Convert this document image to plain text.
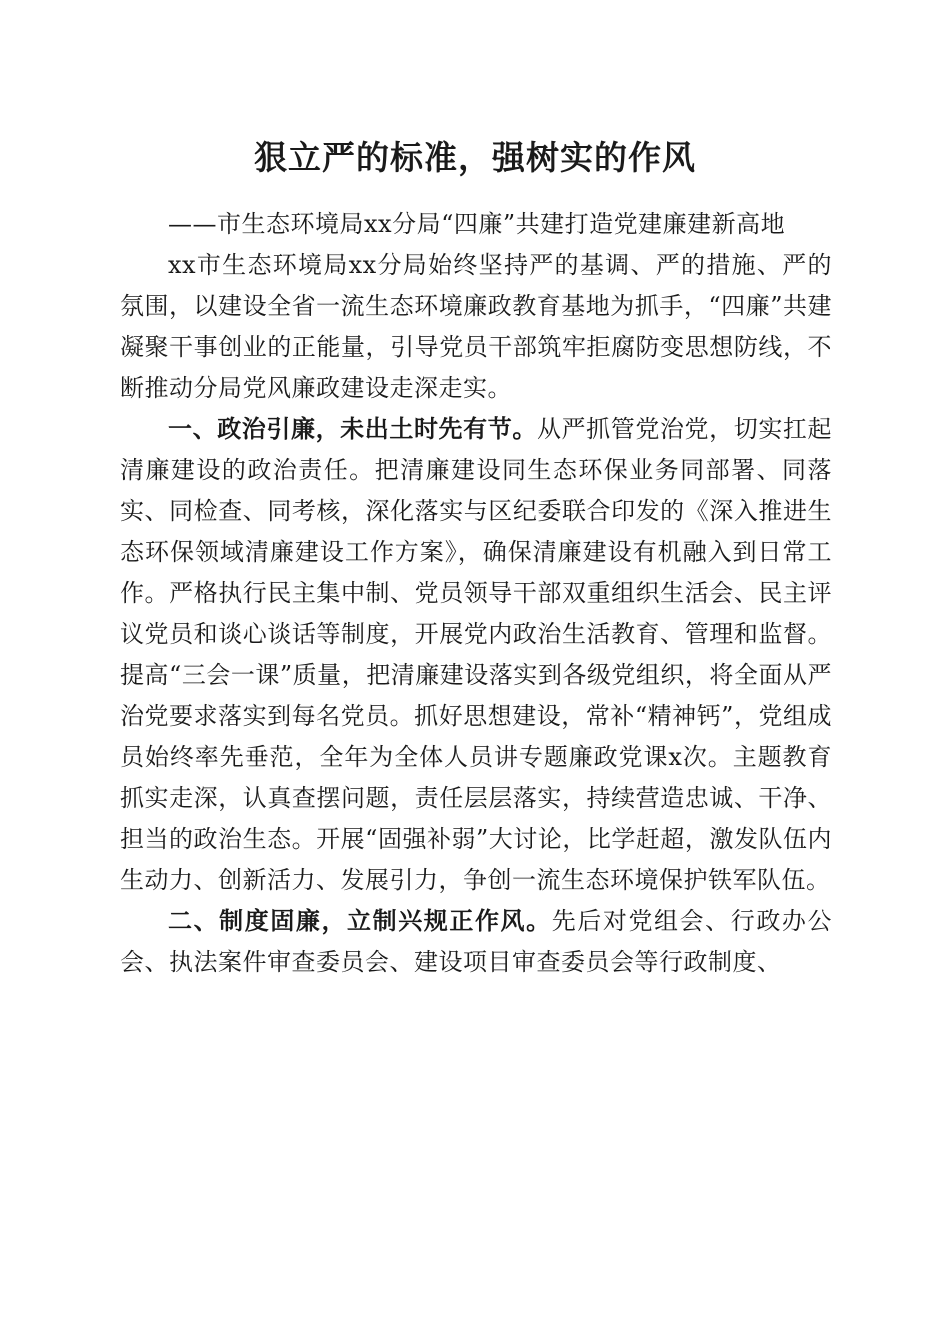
狠立严的标准，强树实的作风

——市生态环境局xx分局“四廉”共建打造党建廉建新高地

xx市生态环境局xx分局始终坚持严的基调、严的措施、严的氛围，以建设全省一流生态环境廉政教育基地为抓手，“四廉”共建凝聚干事创业的正能量，引导党员干部筑牢拒腐防变思想防线，不断推动分局党风廉政建设走深走实。

一、政治引廉，未出土时先有节。从严抓管党治党，切实扛起清廉建设的政治责任。把清廉建设同生态环保业务同部署、同落实、同检查、同考核，深化落实与区纪委联合印发的《深入推进生态环保领域清廉建设工作方案》，确保清廉建设有机融入到日常工作。严格执行民主集中制、党员领导干部双重组织生活会、民主评议党员和谈心谈话等制度，开展党内政治生活教育、管理和监督。提高“三会一课”质量，把清廉建设落实到各级党组织，将全面从严治党要求落实到每名党员。抓好思想建设，常补“精神钙”，党组成员始终率先垂范，全年为全体人员讲专题廉政党课x次。主题教育抓实走深，认真查摆问题，责任层层落实，持续营造忠诚、干净、担当的政治生态。开展“固强补弱”大讨论，比学赶超，激发队伍内生动力、创新活力、发展引力，争创一流生态环境保护铁军队伍。

二、制度固廉，立制兴规正作风。先后对党组会、行政办公会、执法案件审查委员会、建设项目审查委员会等行政制度、
